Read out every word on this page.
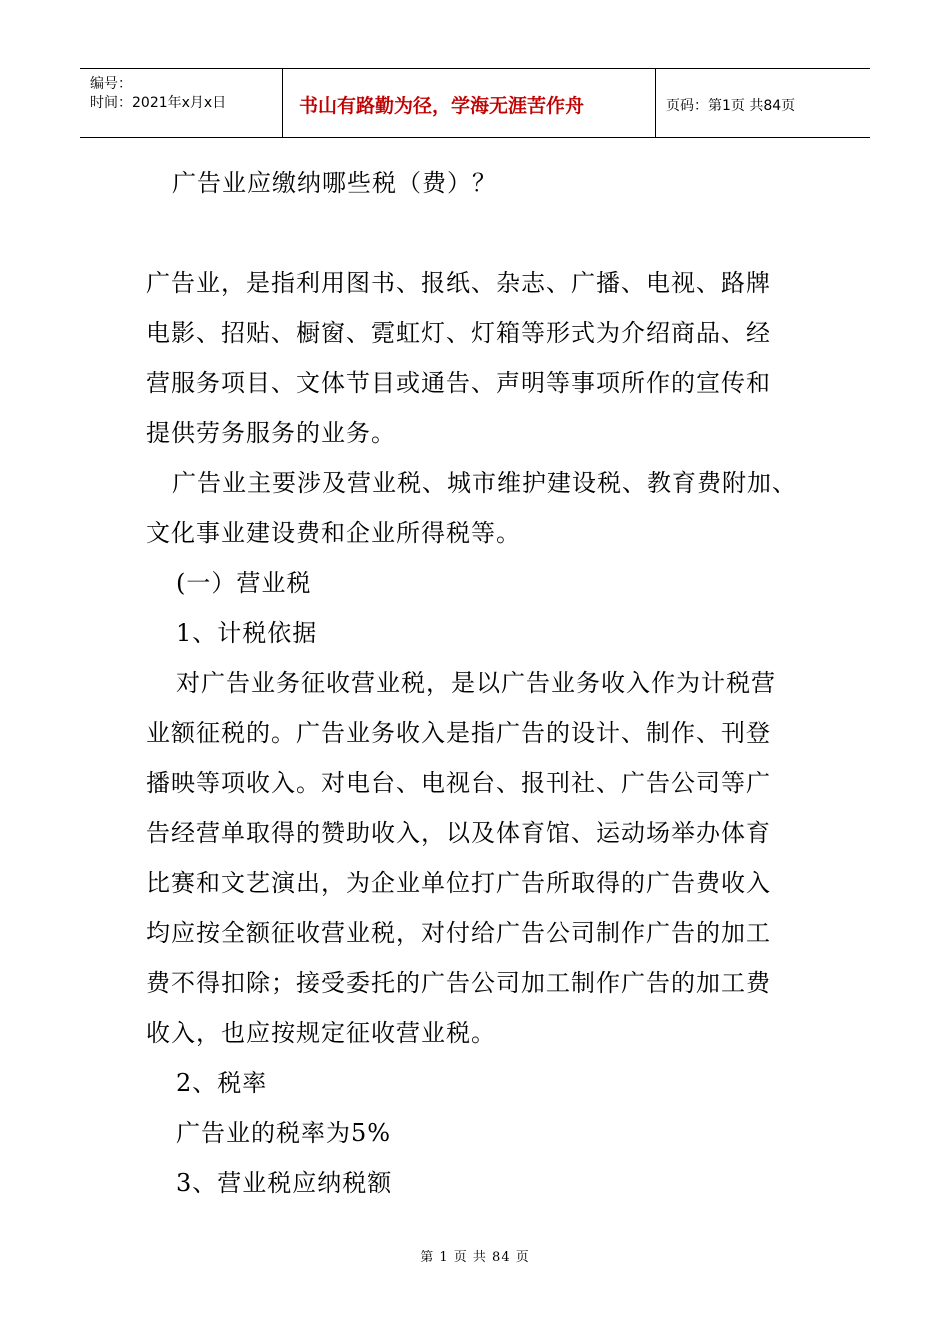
编号：
时间：2021年x月x日	书山有路勤为径，学海无涯苦作舟	页码：第1页 共84页
广告业应缴纳哪些税（费）？
广告业，是指利用图书、报纸、杂志、广播、电视、路牌
电影、招贴、橱窗、霓虹灯、灯箱等形式为介绍商品、经
营服务项目、文体节目或通告、声明等事项所作的宣传和
提供劳务服务的业务。
广告业主要涉及营业税、城市维护建设税、教育费附加、
文化事业建设费和企业所得税等。
(一）营业税
1、计税依据
对广告业务征收营业税，是以广告业务收入作为计税营
业额征税的。广告业务收入是指广告的设计、制作、刊登
播映等项收入。对电台、电视台、报刊社、广告公司等广
告经营单取得的赞助收入，以及体育馆、运动场举办体育
比赛和文艺演出，为企业单位打广告所取得的广告费收入
均应按全额征收营业税，对付给广告公司制作广告的加工
费不得扣除；接受委托的广告公司加工制作广告的加工费
收入，也应按规定征收营业税。
2、税率
广告业的税率为5%
3、营业税应纳税额
第 1 页 共 84 页
